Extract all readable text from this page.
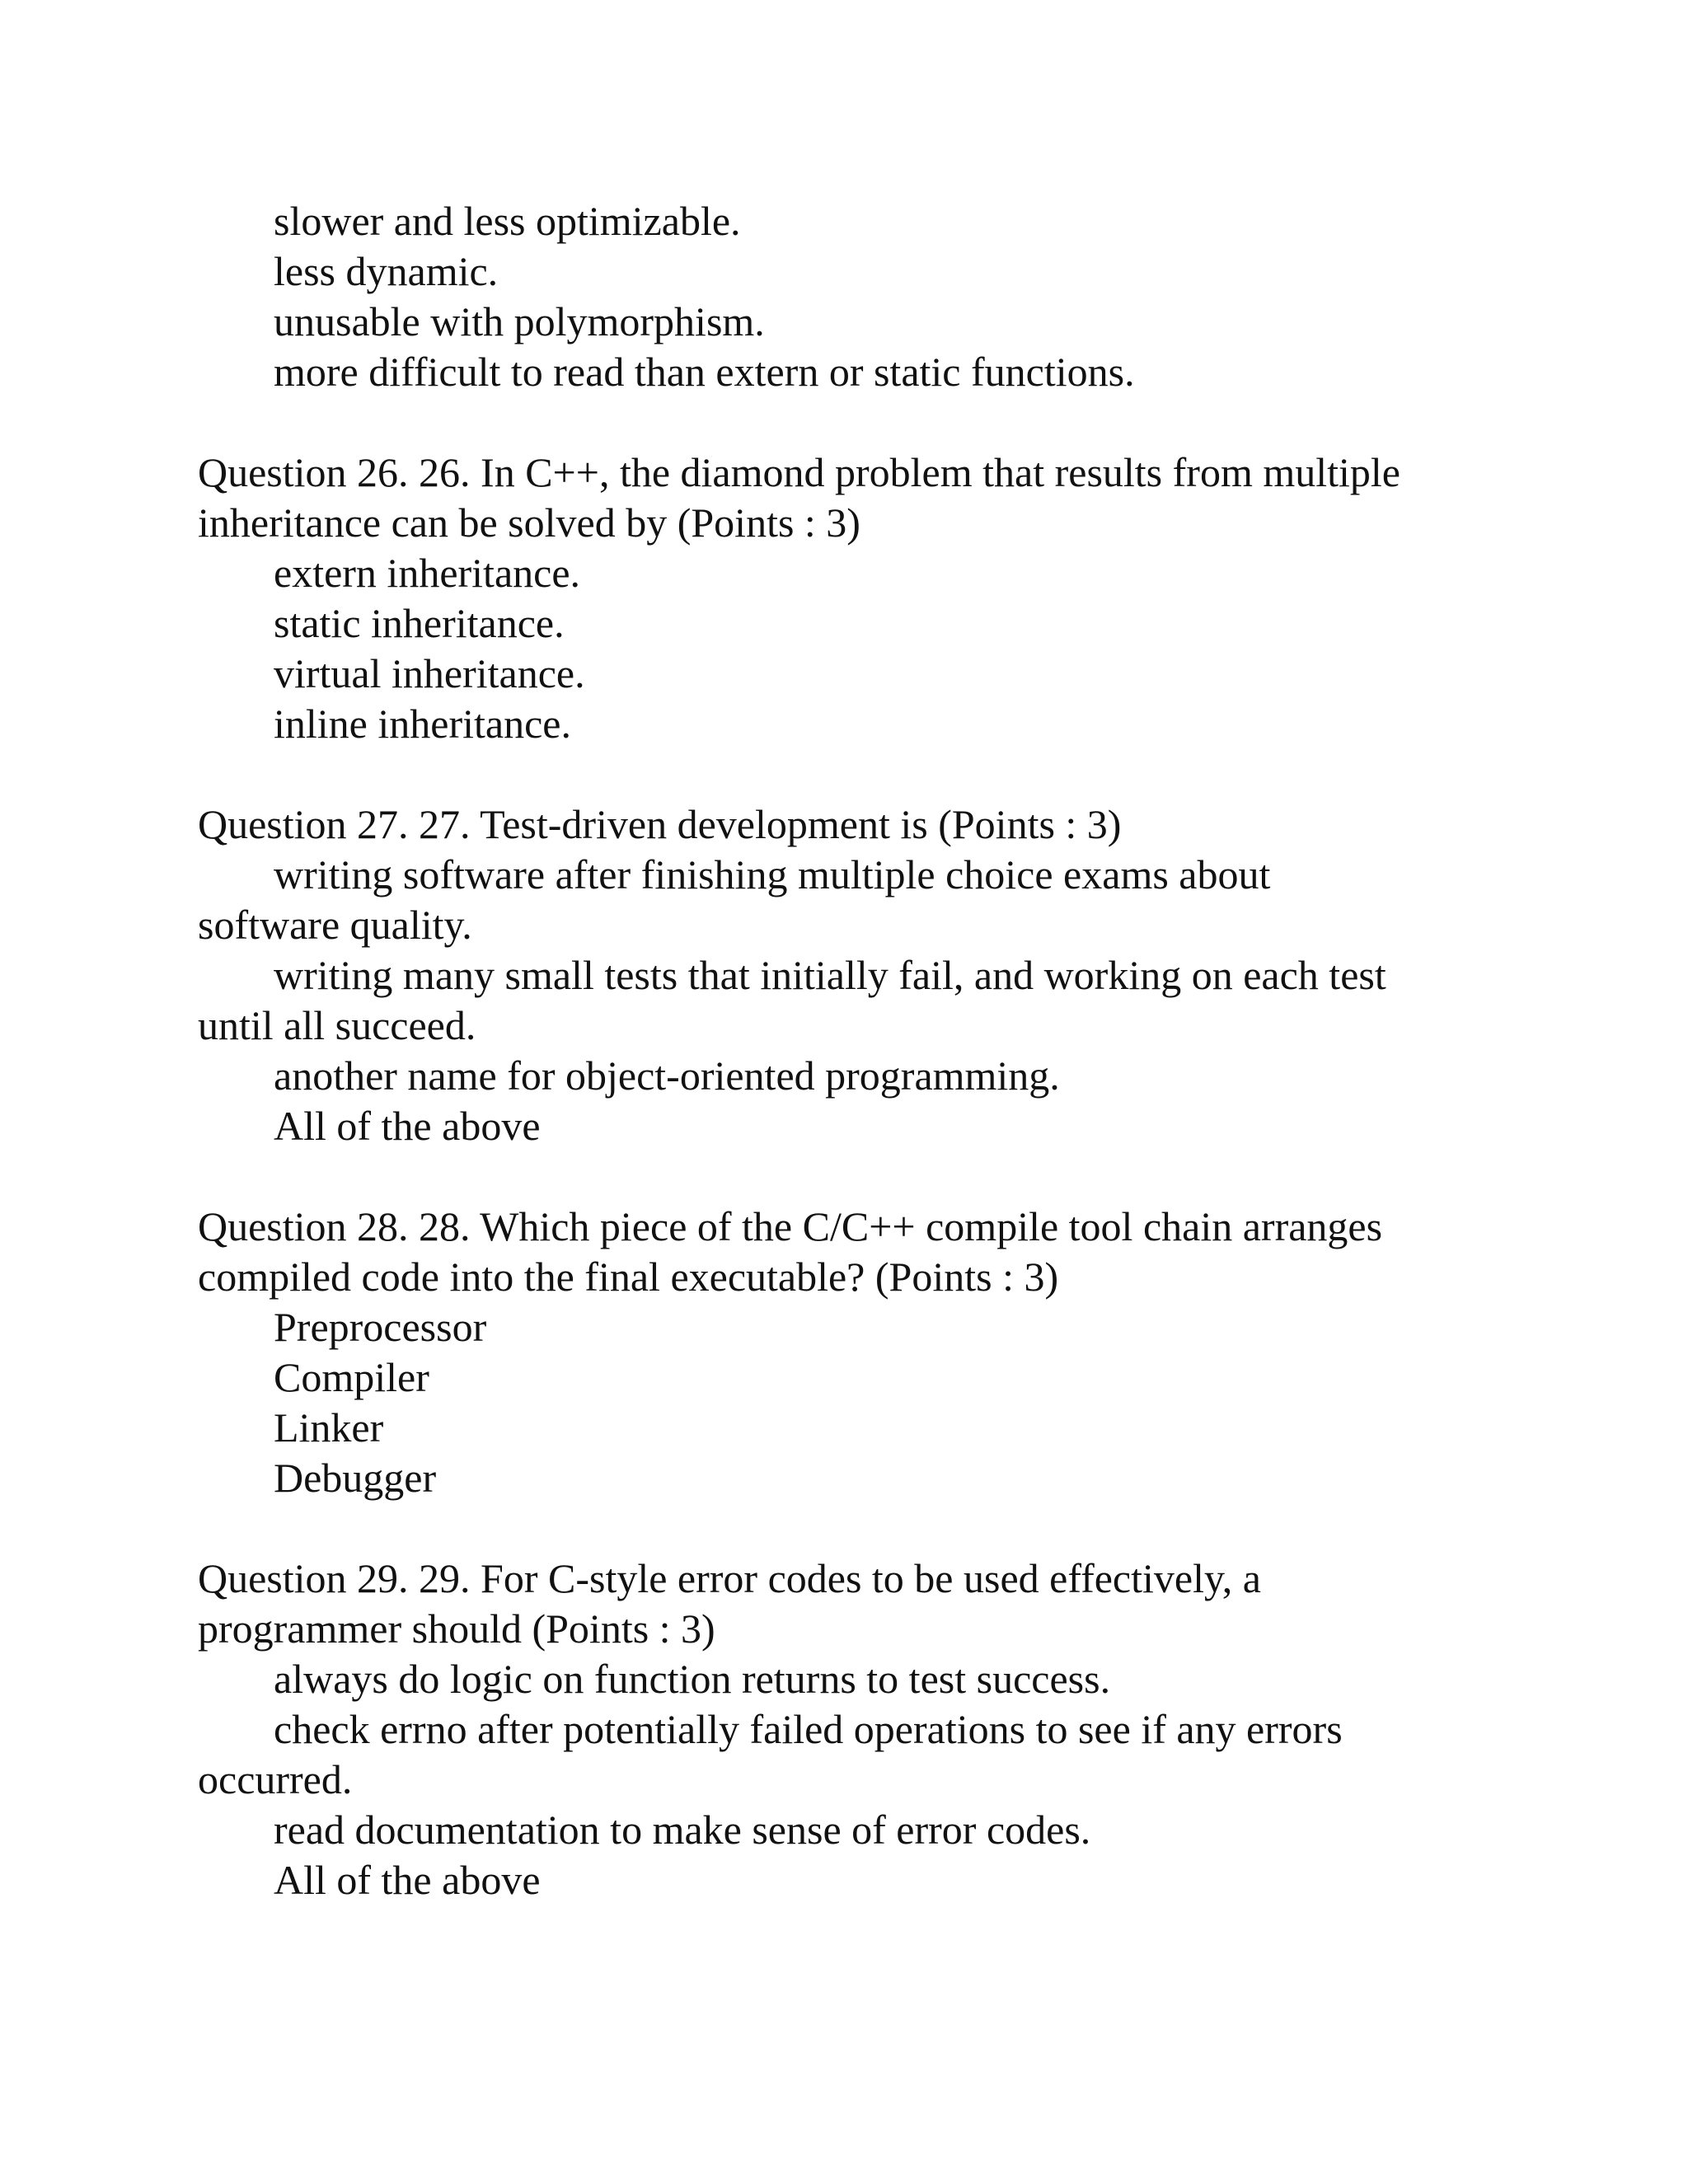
slower and less optimizable.
less dynamic.
unusable with polymorphism.
more difficult to read than extern or static functions.
Question 26. 26. In C++, the diamond problem that results from multiple
inheritance can be solved by (Points : 3)
extern inheritance.
static inheritance.
virtual inheritance.
inline inheritance.
Question 27. 27. Test-driven development is (Points : 3)
writing software after finishing multiple choice exams about
software quality.
writing many small tests that initially fail, and working on each test
until all succeed.
another name for object-oriented programming.
All of the above
Question 28. 28. Which piece of the C/C++ compile tool chain arranges
compiled code into the final executable? (Points : 3)
Preprocessor
Compiler
Linker
Debugger
Question 29. 29. For C-style error codes to be used effectively, a
programmer should (Points : 3)
always do logic on function returns to test success.
check errno after potentially failed operations to see if any errors
occurred.
read documentation to make sense of error codes.
All of the above
